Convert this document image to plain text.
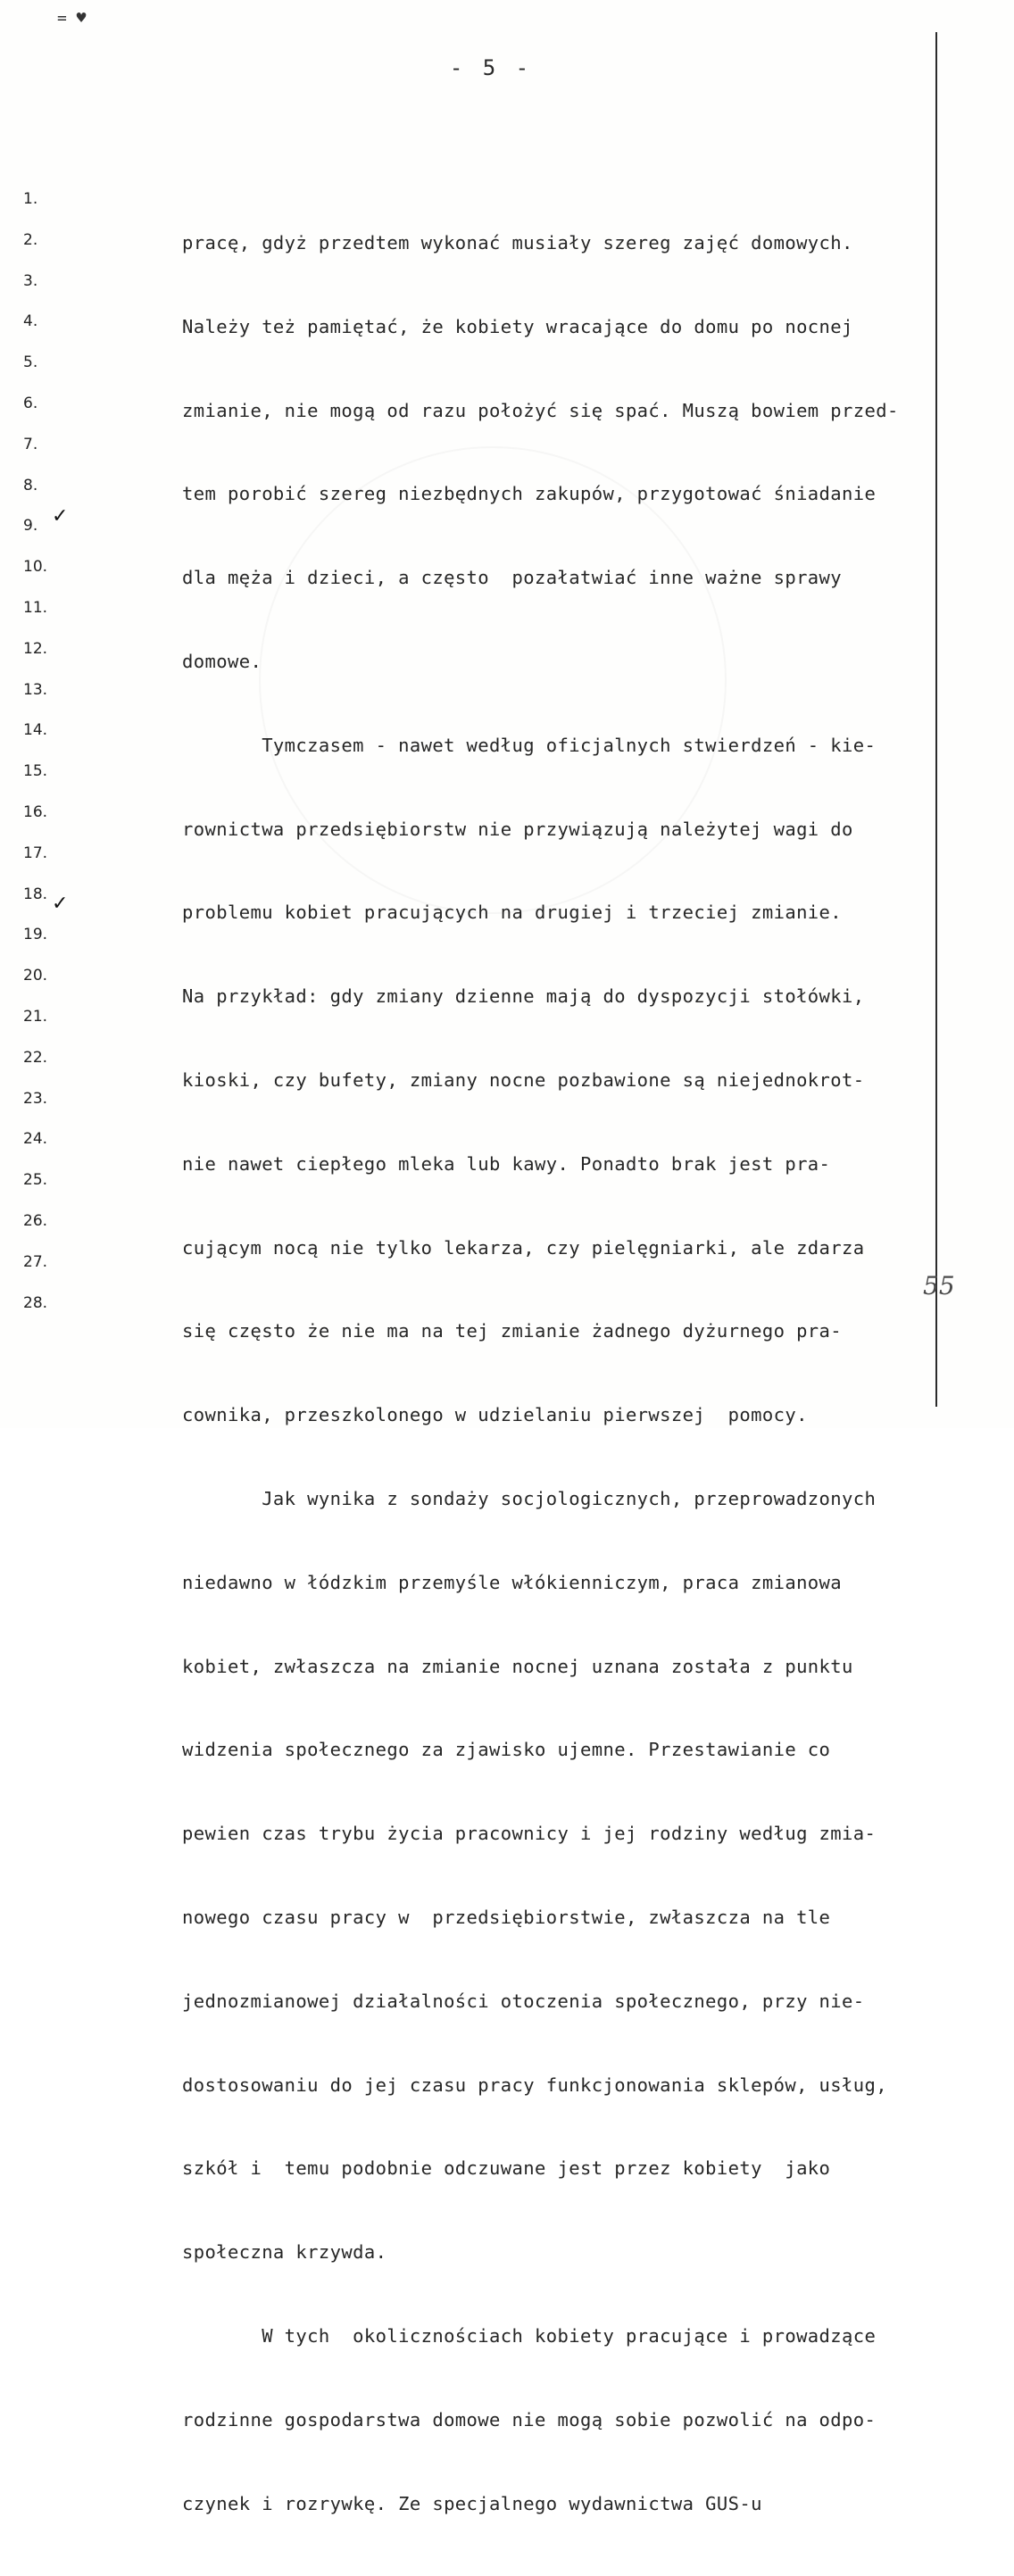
= ♥
- 5 -
1.
2.
3.
4.
5.
6.
7.
8.
9.
10.
11.
12.
13.
14.
15.
16.
17.
18.
19.
20.
21.
22.
23.
24.
25.
26.
27.
28.
✓
✓

pracę, gdyż przedtem wykonać musiały szereg zajęć domowych.

Należy też pamiętać, że kobiety wracające do domu po nocnej

zmianie, nie mogą od razu położyć się spać. Muszą bowiem przed-

tem porobić szereg niezbędnych zakupów, przygotować śniadanie

dla męża i dzieci, a często  pozałatwiać inne ważne sprawy

domowe.

Tymczasem - nawet według oficjalnych stwierdzeń - kie-

rownictwa przedsiębiorstw nie przywiązują należytej wagi do

problemu kobiet pracujących na drugiej i trzeciej zmianie.

Na przykład: gdy zmiany dzienne mają do dyspozycji stołówki,

kioski, czy bufety, zmiany nocne pozbawione są niejednokrot-

nie nawet ciepłego mleka lub kawy. Ponadto brak jest pra-

cującym nocą nie tylko lekarza, czy pielęgniarki, ale zdarza

się często że nie ma na tej zmianie żadnego dyżurnego pra-

cownika, przeszkolonego w udzielaniu pierwszej  pomocy.

Jak wynika z sondaży socjologicznych, przeprowadzonych

niedawno w łódzkim przemyśle włókienniczym, praca zmianowa

kobiet, zwłaszcza na zmianie nocnej uznana została z punktu

widzenia społecznego za zjawisko ujemne. Przestawianie co

pewien czas trybu życia pracownicy i jej rodziny według zmia-

nowego czasu pracy w  przedsiębiorstwie, zwłaszcza na tle

jednozmianowej działalności otoczenia społecznego, przy nie-

dostosowaniu do jej czasu pracy funkcjonowania sklepów, usług,

szkół i  temu podobnie odczuwane jest przez kobiety  jako

społeczna krzywda.

W tych  okolicznościach kobiety pracujące i prowadzące

rodzinne gospodarstwa domowe nie mogą sobie pozwolić na odpo-

czynek i rozrywkę. Ze specjalnego wydawnictwa GUS-u

55
